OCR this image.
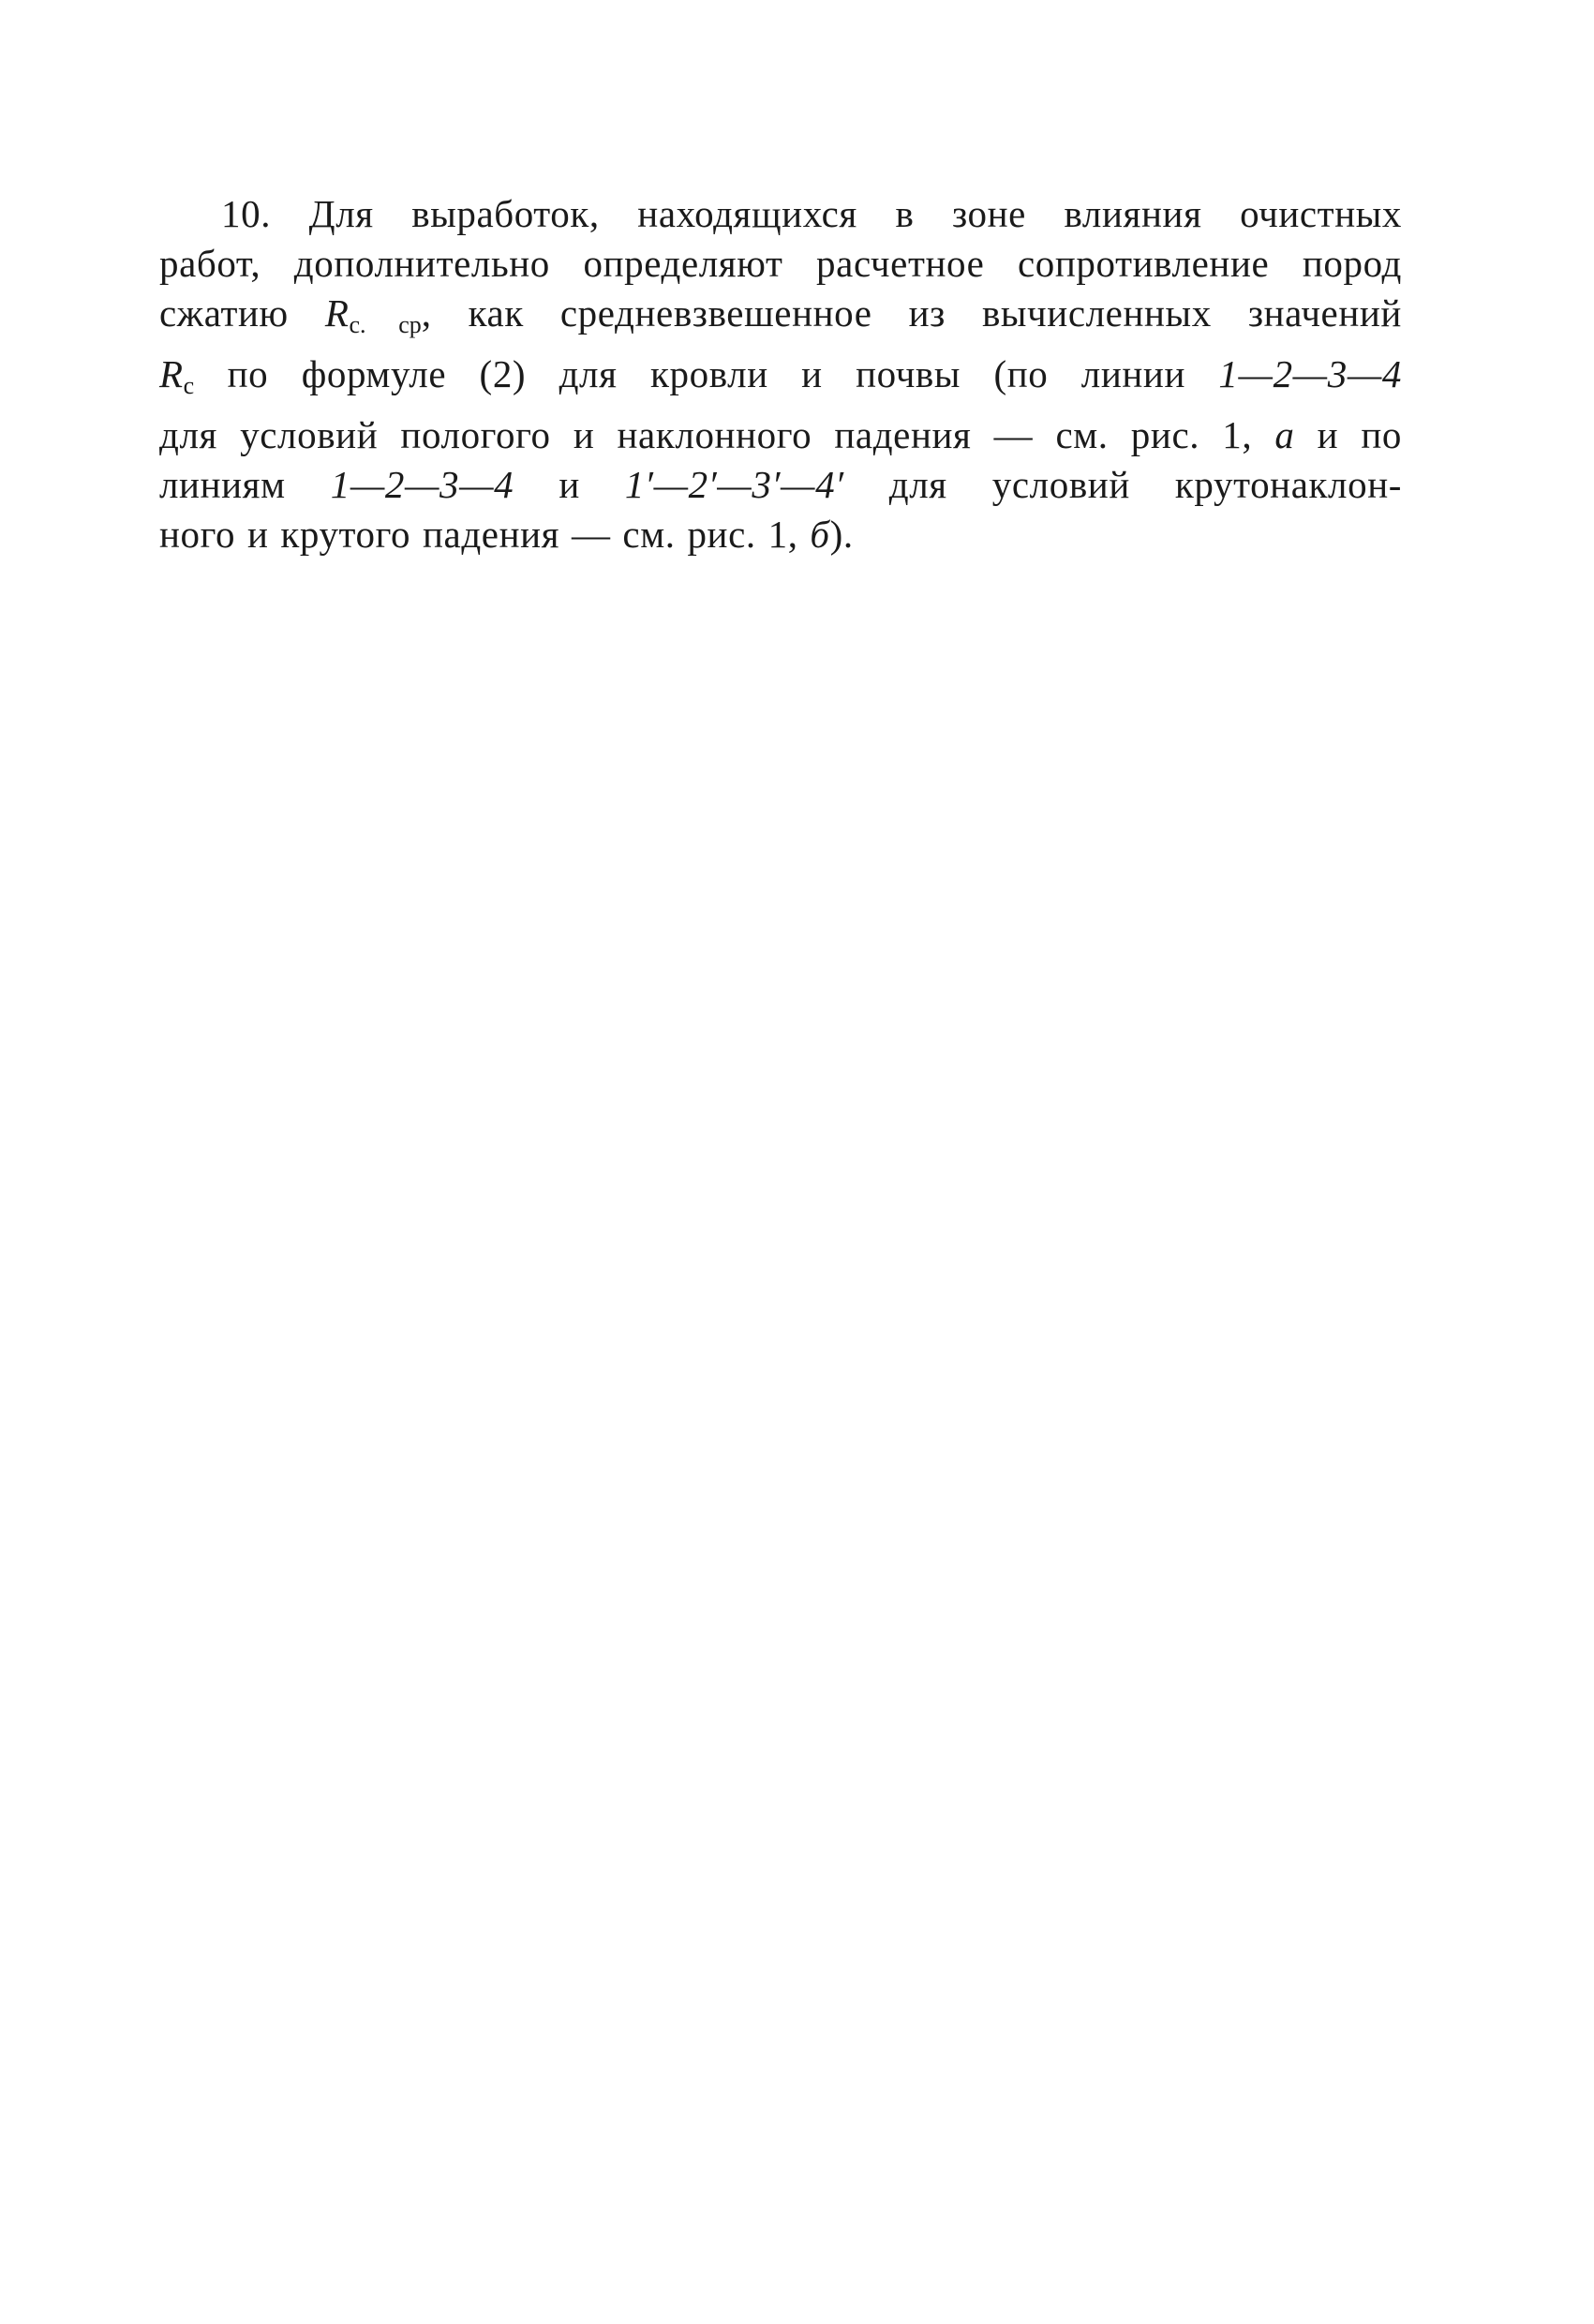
10. Для выработок, находящихся в зоне влияния очистных
работ, дополнительно определяют расчетное сопротивление пород
сжатию $R_{с. ср}$, как средневзвешенное из вычисленных значений
$R_с$ по формуле (2) для кровли и почвы (по линии 1—2—3—4
для условий пологого и наклонного падения — см. рис. 1, а и по
линиям 1—2—3—4 и 1′—2′—3′—4′ для условий крутонаклон-
ного и крутого падения — см. рис. 1, б).
